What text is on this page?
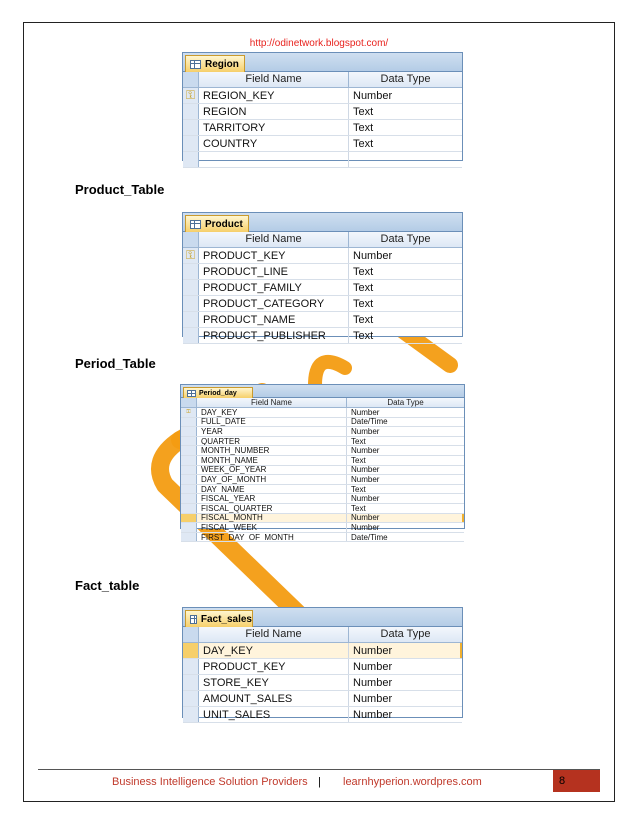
http://odinetwork.blogspot.com/
Region
Field Name	Data Type
⚿ REGION_KEY	Number
REGION	Text
TARRITORY	Text
COUNTRY	Text
Product_Table
Product
Field Name	Data Type
⚿ PRODUCT_KEY	Number
PRODUCT_LINE	Text
PRODUCT_FAMILY	Text
PRODUCT_CATEGORY	Text
PRODUCT_NAME	Text
PRODUCT_PUBLISHER	Text
Period_Table
Period_day
Field Name	Data Type
⚿	DAY_KEY	Number
FULL_DATE	Date/Time
YEAR	Number
QUARTER	Text
MONTH_NUMBER	Number
MONTH_NAME	Text
WEEK_OF_YEAR	Number
DAY_OF_MONTH	Number
DAY_NAME	Text
FISCAL_YEAR	Number
FISCAL_QUARTER	Text
FISCAL_MONTH	Number
FISCAL_WEEK	Number
FIRST_DAY_OF_MONTH	Date/Time
Fact_table
Fact_sales
Field Name	Data Type
DAY_KEY	Number
PRODUCT_KEY	Number
STORE_KEY	Number
AMOUNT_SALES	Number
UNIT_SALES	Number
Business Intelligence Solution Providers | learnhyperion.wordpres.com	8
